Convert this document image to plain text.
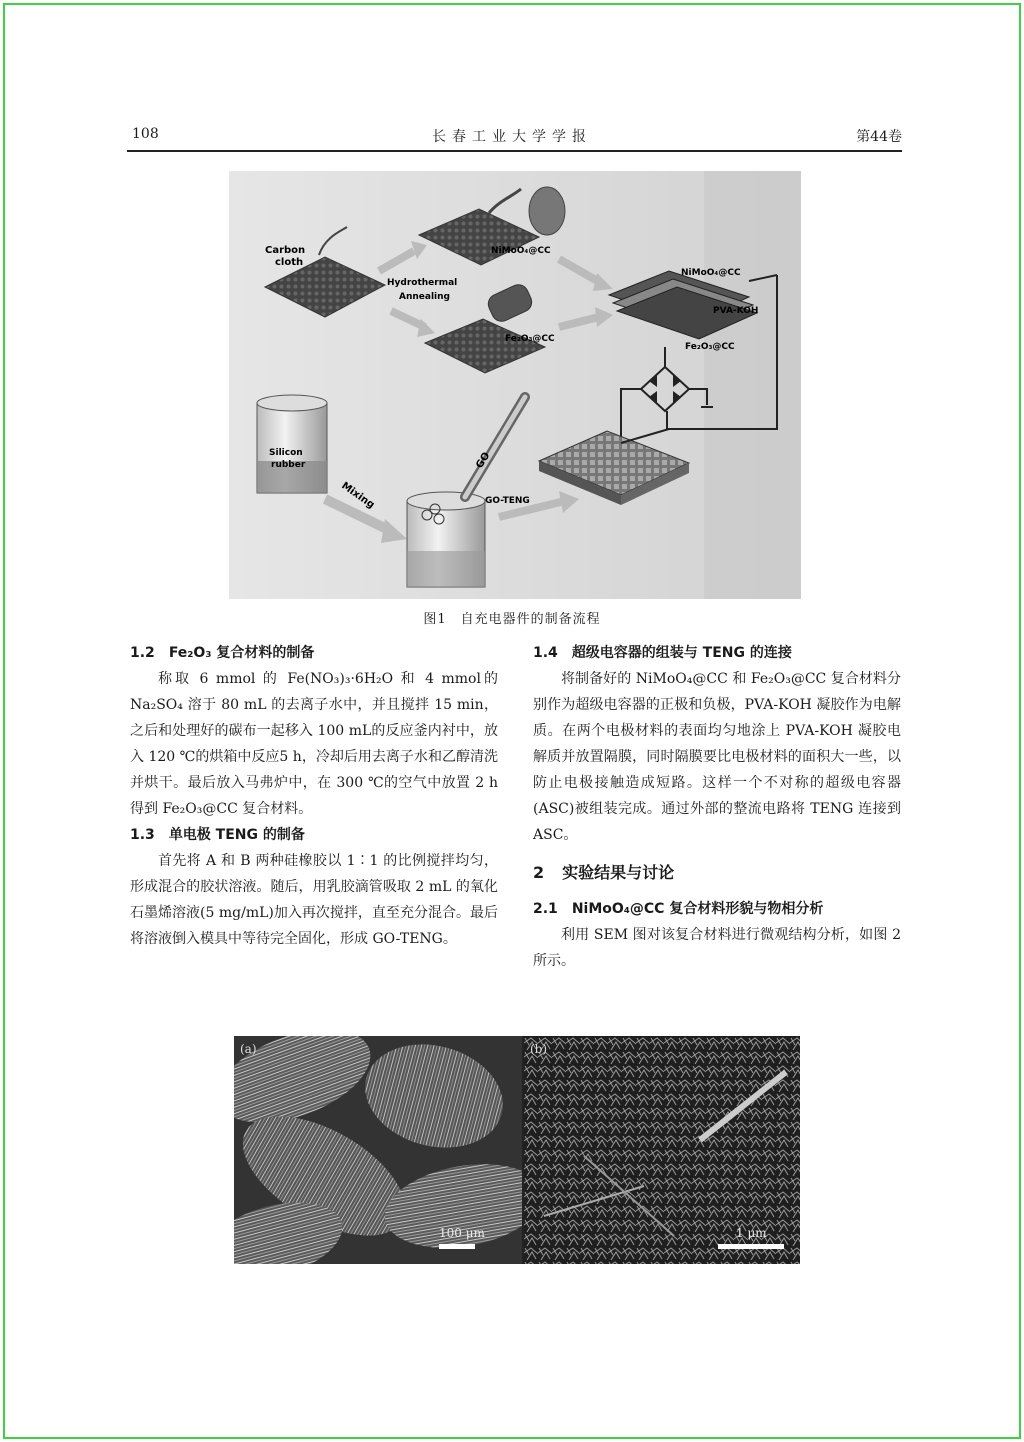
108	长春工业大学学报	第44卷
Carbon
cloth
Hydrothermal
Annealing
NiMoO₄@CC
Fe₂O₃@CC
NiMoO₄@CC
PVA-KOH
Fe₂O₃@CC
Silicon
rubber
Mixing
GO
GO-TENG
图1　自充电器件的制备流程
1.2 Fe₂O₃ 复合材料的制备

称取 6 mmol 的 Fe(NO₃)₃·6H₂O 和 4 mmol的 Na₂SO₄ 溶于 80 mL 的去离子水中，并且搅拌 15 min，之后和处理好的碳布一起移入 100 mL的反应釜内衬中，放入 120 ℃的烘箱中反应5 h，冷却后用去离子水和乙醇清洗并烘干。最后放入马弗炉中，在 300 ℃的空气中放置 2 h 得到 Fe₂O₃@CC 复合材料。

1.3 单电极 TENG 的制备

首先将 A 和 B 两种硅橡胶以 1∶1 的比例搅拌均匀，形成混合的胶状溶液。随后，用乳胶滴管吸取 2 mL 的氧化石墨烯溶液(5 mg/mL)加入再次搅拌，直至充分混合。最后将溶液倒入模具中等待完全固化，形成 GO-TENG。

1.4 超级电容器的组装与 TENG 的连接

将制备好的 NiMoO₄@CC 和 Fe₂O₃@CC 复合材料分别作为超级电容器的正极和负极，PVA-KOH 凝胶作为电解质。在两个电极材料的表面均匀地涂上 PVA-KOH 凝胶电解质并放置隔膜，同时隔膜要比电极材料的面积大一些，以防止电极接触造成短路。这样一个不对称的超级电容器(ASC)被组装完成。通过外部的整流电路将 TENG 连接到 ASC。

2 实验结果与讨论
2.1 NiMoO₄@CC 复合材料形貌与物相分析

利用 SEM 图对该复合材料进行微观结构分析，如图 2 所示。

(a)
100 μm
(b)
1 μm
